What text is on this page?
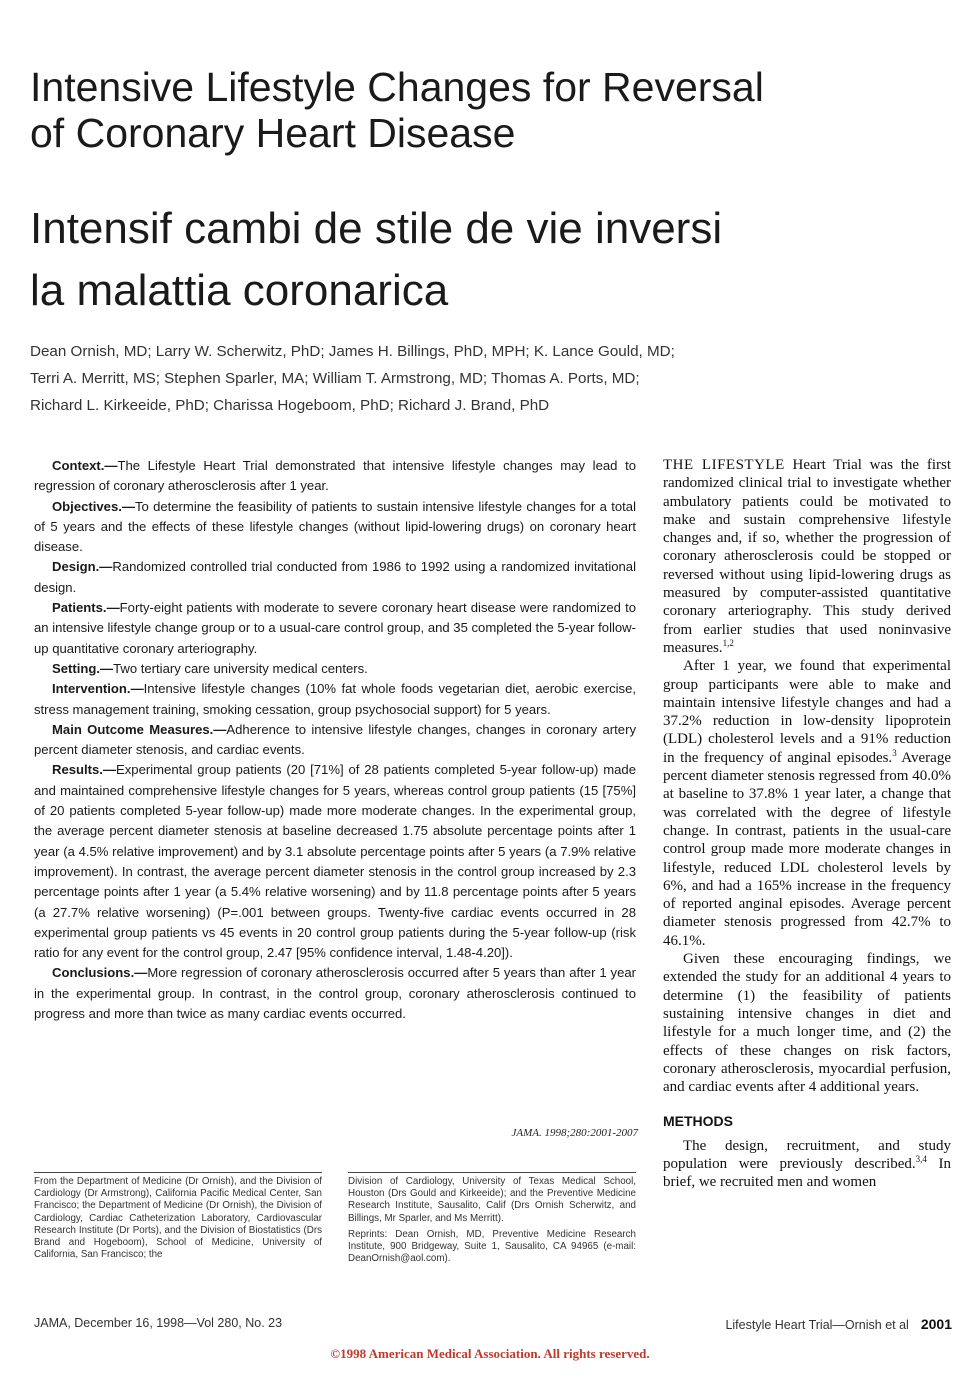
Intensive Lifestyle Changes for Reversal
of Coronary Heart Disease
Intensif cambi de stile de vie inversi
la malattia coronarica
Dean Ornish, MD; Larry W. Scherwitz, PhD; James H. Billings, PhD, MPH; K. Lance Gould, MD;
Terri A. Merritt, MS; Stephen Sparler, MA; William T. Armstrong, MD; Thomas A. Ports, MD;
Richard L. Kirkeeide, PhD; Charissa Hogeboom, PhD; Richard J. Brand, PhD

Context.—The Lifestyle Heart Trial demonstrated that intensive lifestyle changes may lead to regression of coronary atherosclerosis after 1 year.

Objectives.—To determine the feasibility of patients to sustain intensive lifestyle changes for a total of 5 years and the effects of these lifestyle changes (without lipid-lowering drugs) on coronary heart disease.

Design.—Randomized controlled trial conducted from 1986 to 1992 using a randomized invitational design.

Patients.—Forty-eight patients with moderate to severe coronary heart disease were randomized to an intensive lifestyle change group or to a usual-care control group, and 35 completed the 5-year follow-up quantitative coronary arteriography.

Setting.—Two tertiary care university medical centers.

Intervention.—Intensive lifestyle changes (10% fat whole foods vegetarian diet, aerobic exercise, stress management training, smoking cessation, group psychosocial support) for 5 years.

Main Outcome Measures.—Adherence to intensive lifestyle changes, changes in coronary artery percent diameter stenosis, and cardiac events.

Results.—Experimental group patients (20 [71%] of 28 patients completed 5-year follow-up) made and maintained comprehensive lifestyle changes for 5 years, whereas control group patients (15 [75%] of 20 patients completed 5-year follow-up) made more moderate changes. In the experimental group, the average percent diameter stenosis at baseline decreased 1.75 absolute percentage points after 1 year (a 4.5% relative improvement) and by 3.1 absolute percentage points after 5 years (a 7.9% relative improvement). In contrast, the average percent diameter stenosis in the control group increased by 2.3 percentage points after 1 year (a 5.4% relative worsening) and by 11.8 percentage points after 5 years (a 27.7% relative worsening) (P=.001 between groups. Twenty-five cardiac events occurred in 28 experimental group patients vs 45 events in 20 control group patients during the 5-year follow-up (risk ratio for any event for the control group, 2.47 [95% confidence interval, 1.48-4.20]).

Conclusions.—More regression of coronary atherosclerosis occurred after 5 years than after 1 year in the experimental group. In contrast, in the control group, coronary atherosclerosis continued to progress and more than twice as many cardiac events occurred.

JAMA. 1998;280:2001-2007

From the Department of Medicine (Dr Ornish), and the Division of Cardiology (Dr Armstrong), California Pacific Medical Center, San Francisco; the Department of Medicine (Dr Ornish), the Division of Cardiology, Cardiac Catheterization Laboratory, Cardiovascular Research Institute (Dr Ports), and the Division of Biostatistics (Drs Brand and Hogeboom), School of Medicine, University of California, San Francisco; the

Division of Cardiology, University of Texas Medical School, Houston (Drs Gould and Kirkeeide); and the Preventive Medicine Research Institute, Sausalito, Calif (Drs Ornish Scherwitz, and Billings, Mr Sparler, and Ms Merritt).

Reprints: Dean Ornish, MD, Preventive Medicine Research Institute, 900 Bridgeway, Suite 1, Sausalito, CA 94965 (e-mail: DeanOrnish@aol.com).

THE LIFESTYLE Heart Trial was the first randomized clinical trial to investigate whether ambulatory patients could be motivated to make and sustain comprehensive lifestyle changes and, if so, whether the progression of coronary atherosclerosis could be stopped or reversed without using lipid-lowering drugs as measured by computer-assisted quantitative coronary arteriography. This study derived from earlier studies that used noninvasive measures.$^{1,2}$

After 1 year, we found that experimental group participants were able to make and maintain intensive lifestyle changes and had a 37.2% reduction in low-density lipoprotein (LDL) cholesterol levels and a 91% reduction in the frequency of anginal episodes.$^3$ Average percent diameter stenosis regressed from 40.0% at baseline to 37.8% 1 year later, a change that was correlated with the degree of lifestyle change. In contrast, patients in the usual-care control group made more moderate changes in lifestyle, reduced LDL cholesterol levels by 6%, and had a 165% increase in the frequency of reported anginal episodes. Average percent diameter stenosis progressed from 42.7% to 46.1%.

Given these encouraging findings, we extended the study for an additional 4 years to determine (1) the feasibility of patients sustaining intensive changes in diet and lifestyle for a much longer time, and (2) the effects of these changes on risk factors, coronary atherosclerosis, myocardial perfusion, and cardiac events after 4 additional years.

METHODS

The design, recruitment, and study population were previously described.$^{3,4}$ In brief, we recruited men and women

JAMA, December 16, 1998—Vol 280, No. 23	Lifestyle Heart Trial—Ornish et al 2001
©1998 American Medical Association. All rights reserved.
